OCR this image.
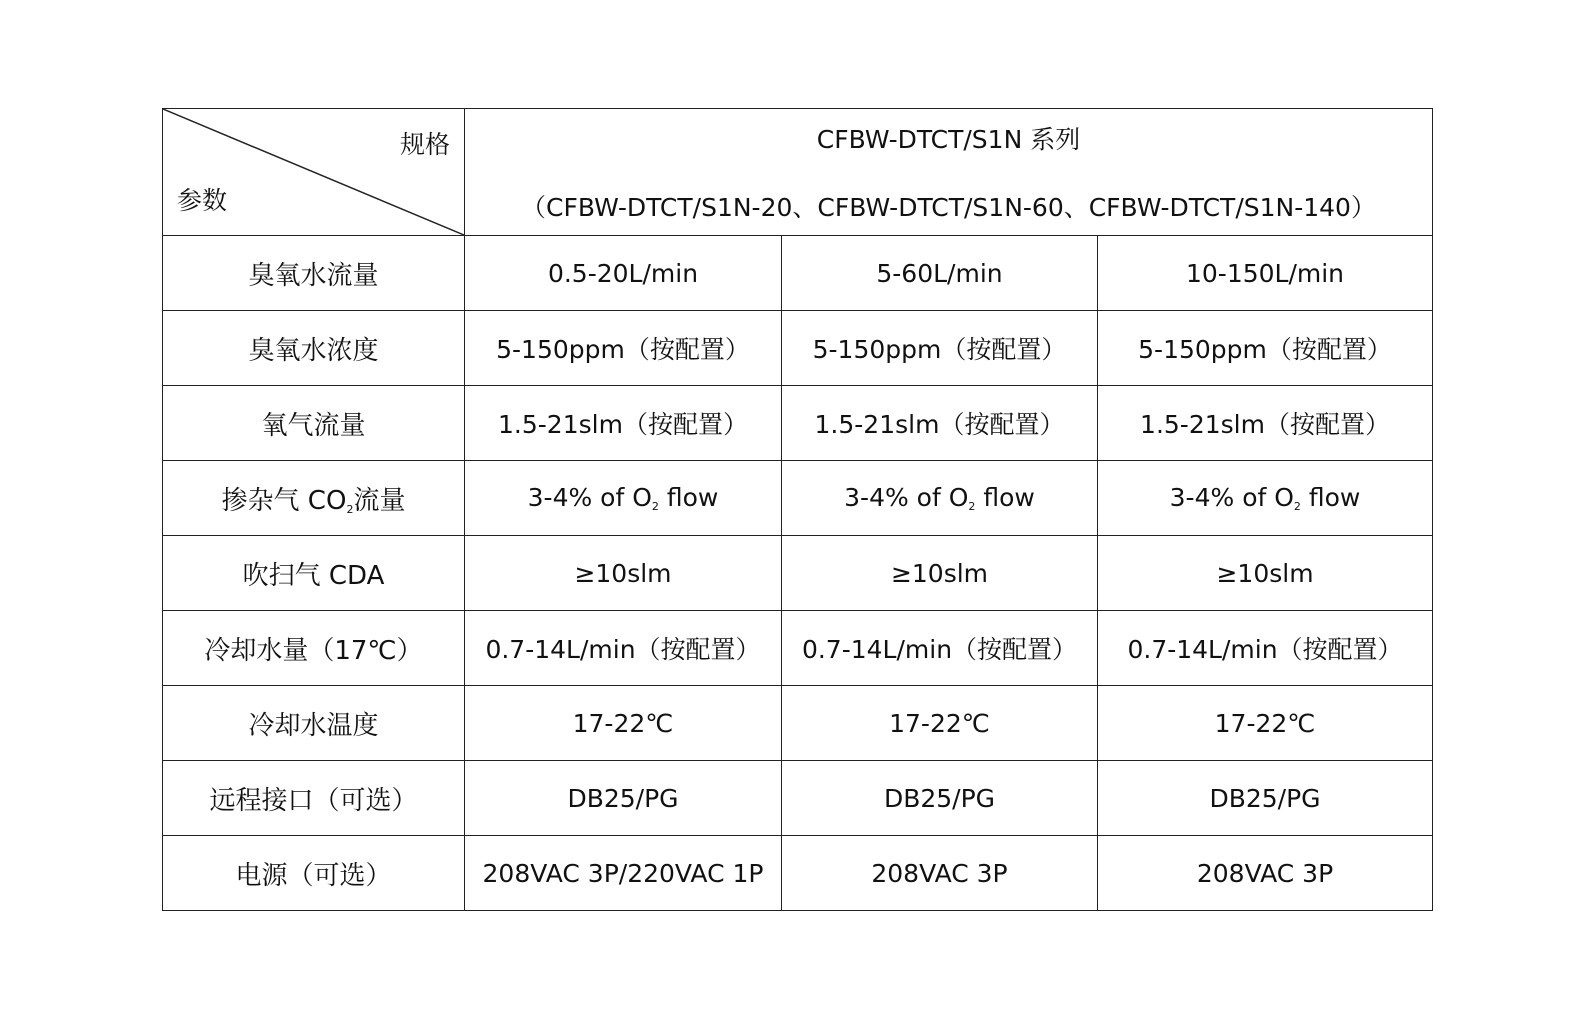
规格
参数	CFBW-DTCT/S1N 系列
（CFBW-DTCT/S1N-20、CFBW-DTCT/S1N-60、CFBW-DTCT/S1N-140）		

臭氧水流量	0.5-20L/min	5-60L/min	10-150L/min
臭氧水浓度	5-150ppm（按配置）	5-150ppm（按配置）	5-150ppm（按配置）
氧气流量	1.5-21slm（按配置）	1.5-21slm（按配置）	1.5-21slm（按配置）
掺杂气 $CO_2$流量	3-4% of $O_2$ flow	3-4% of $O_2$ flow	3-4% of $O_2$ flow
吹扫气 CDA	≥10slm	≥10slm	≥10slm
冷却水量（17℃）	0.7-14L/min（按配置）	0.7-14L/min（按配置）	0.7-14L/min（按配置）
冷却水温度	17-22℃	17-22℃	17-22℃
远程接口（可选）	DB25/PG	DB25/PG	DB25/PG
电源（可选）	208VAC 3P/220VAC 1P	208VAC 3P	208VAC 3P
